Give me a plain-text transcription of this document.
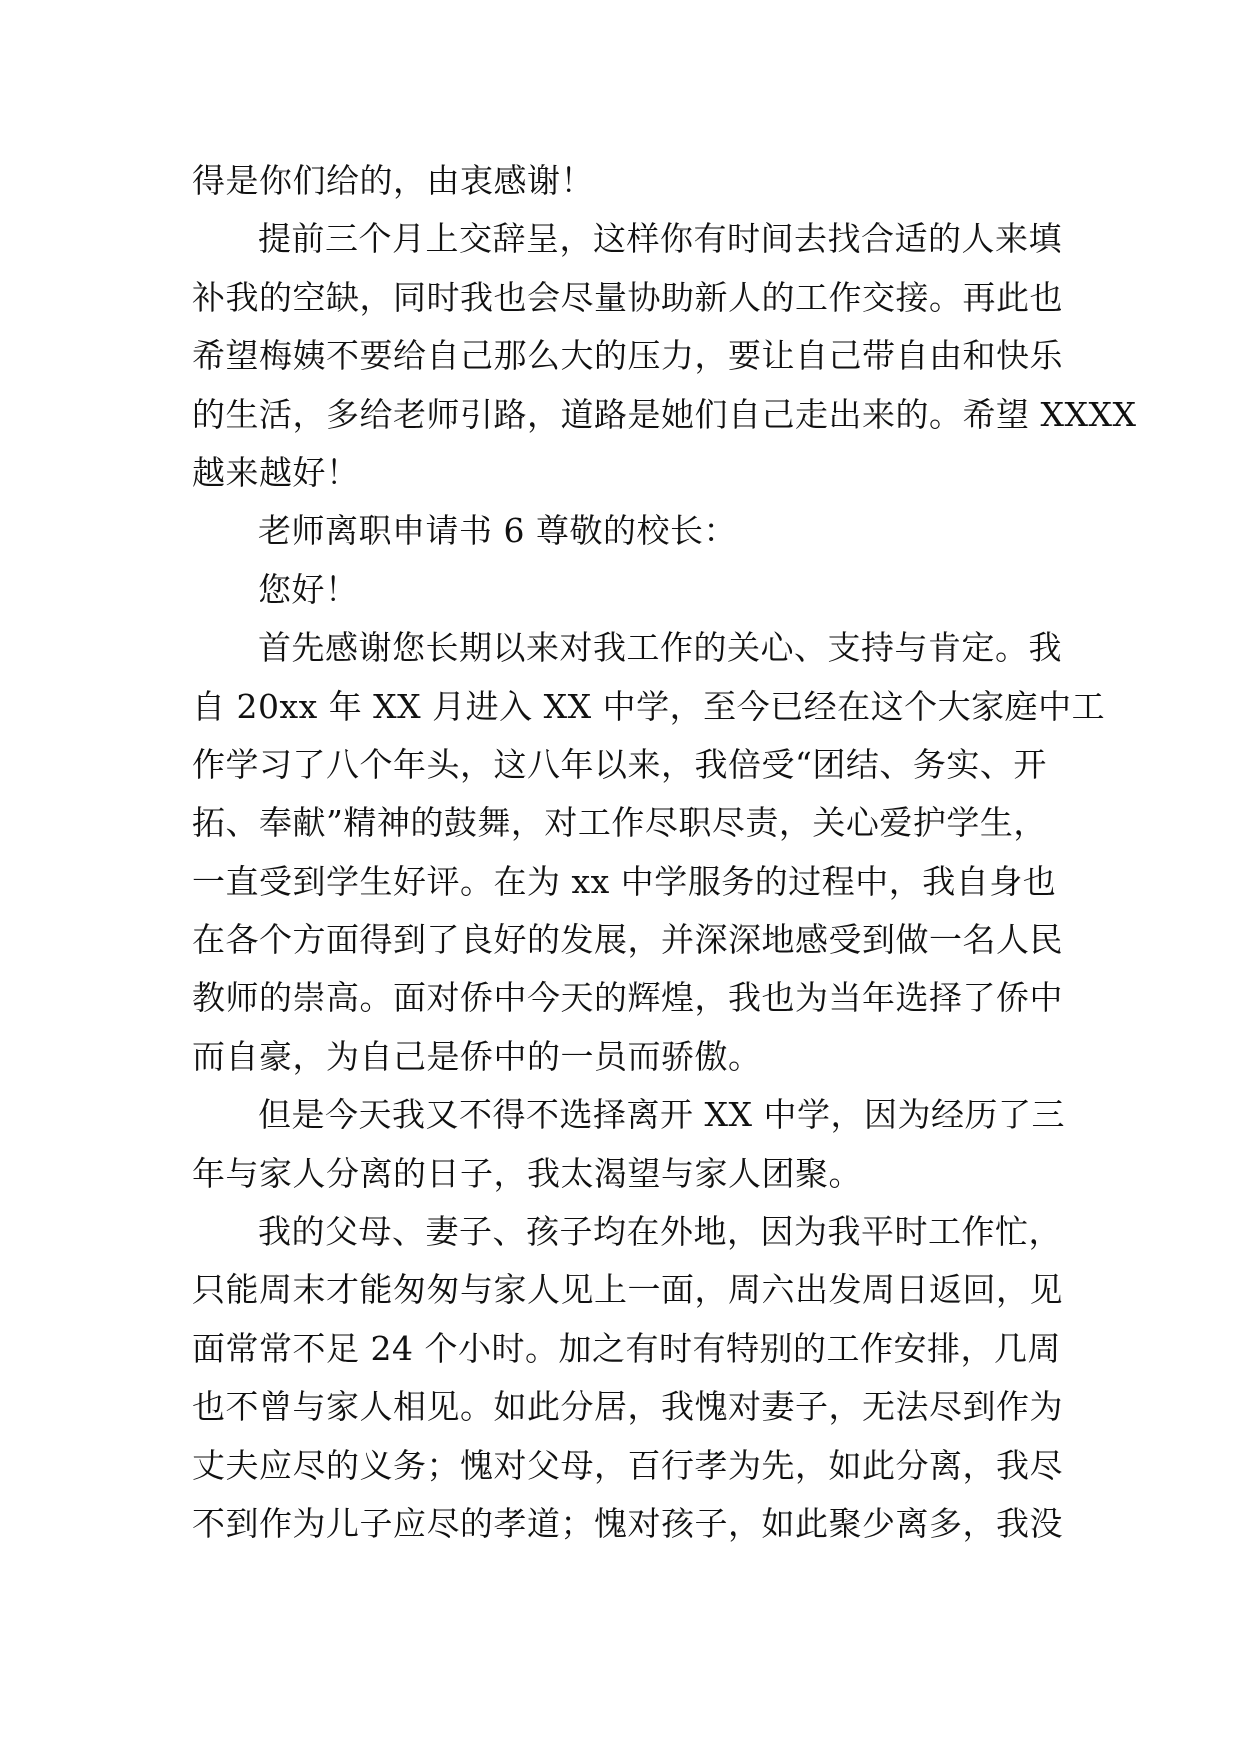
得是你们给的，由衷感谢！
提前三个月上交辞呈，这样你有时间去找合适的人来填
补我的空缺，同时我也会尽量协助新人的工作交接。再此也
希望梅姨不要给自己那么大的压力，要让自己带自由和快乐
的生活，多给老师引路，道路是她们自己走出来的。希望 XXXX
越来越好！
老师离职申请书 6 尊敬的校长：
您好！
首先感谢您长期以来对我工作的关心、支持与肯定。我
自 20xx 年 XX 月进入 XX 中学，至今已经在这个大家庭中工
作学习了八个年头，这八年以来，我倍受“团结、务实、开
拓、奉献”精神的鼓舞，对工作尽职尽责，关心爱护学生，
一直受到学生好评。在为 xx 中学服务的过程中，我自身也
在各个方面得到了良好的发展，并深深地感受到做一名人民
教师的崇高。面对侨中今天的辉煌，我也为当年选择了侨中
而自豪，为自己是侨中的一员而骄傲。
但是今天我又不得不选择离开 XX 中学，因为经历了三
年与家人分离的日子，我太渴望与家人团聚。
我的父母、妻子、孩子均在外地，因为我平时工作忙，
只能周末才能匆匆与家人见上一面，周六出发周日返回，见
面常常不足 24 个小时。加之有时有特别的工作安排，几周
也不曾与家人相见。如此分居，我愧对妻子，无法尽到作为
丈夫应尽的义务；愧对父母，百行孝为先，如此分离，我尽
不到作为儿子应尽的孝道；愧对孩子，如此聚少离多，我没
